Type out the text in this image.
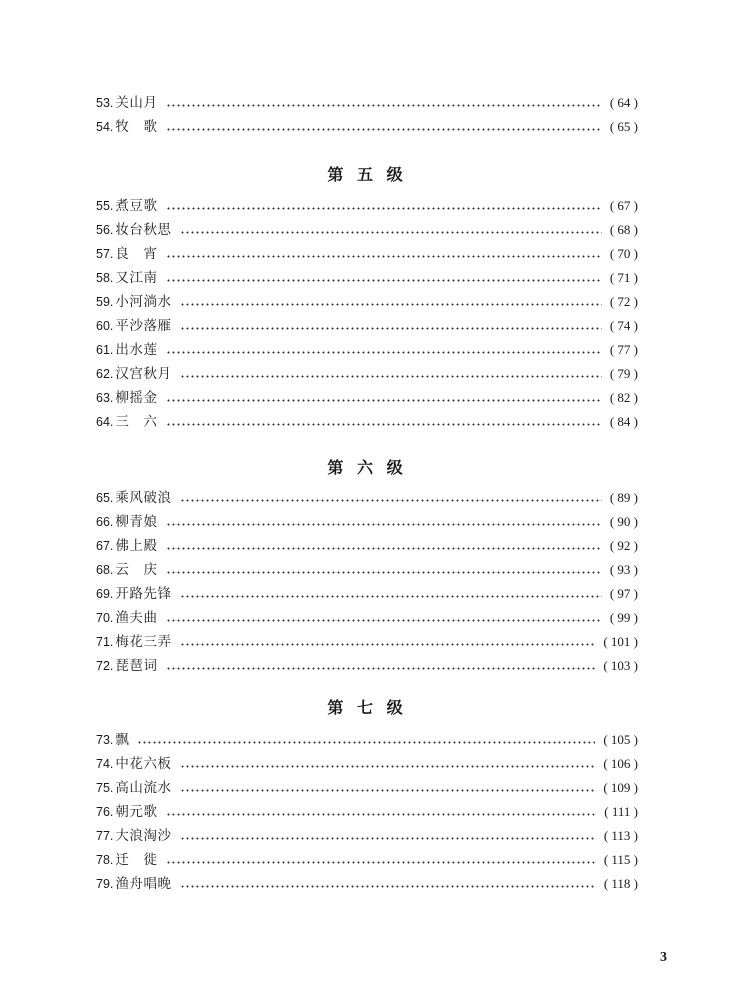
53. 关山月	( 64 )
54. 牧　歌	( 65 )
第 五 级
55. 煮豆歌	( 67 )
56. 妆台秋思	( 68 )
57. 良　宵	( 70 )
58. 又江南	( 71 )
59. 小河淌水	( 72 )
60. 平沙落雁	( 74 )
61. 出水莲	( 77 )
62. 汉宫秋月	( 79 )
63. 柳摇金	( 82 )
64. 三　六	( 84 )
第 六 级
65. 乘风破浪	( 89 )
66. 柳青娘	( 90 )
67. 佛上殿	( 92 )
68. 云　庆	( 93 )
69. 开路先锋	( 97 )
70. 渔夫曲	( 99 )
71. 梅花三弄	( 101 )
72. 琵琶词	( 103 )
第 七 级
73. 飘	( 105 )
74. 中花六板	( 106 )
75. 高山流水	( 109 )
76. 朝元歌	( 111 )
77. 大浪淘沙	( 113 )
78. 迁　徙	( 115 )
79. 渔舟唱晚	( 118 )
3
